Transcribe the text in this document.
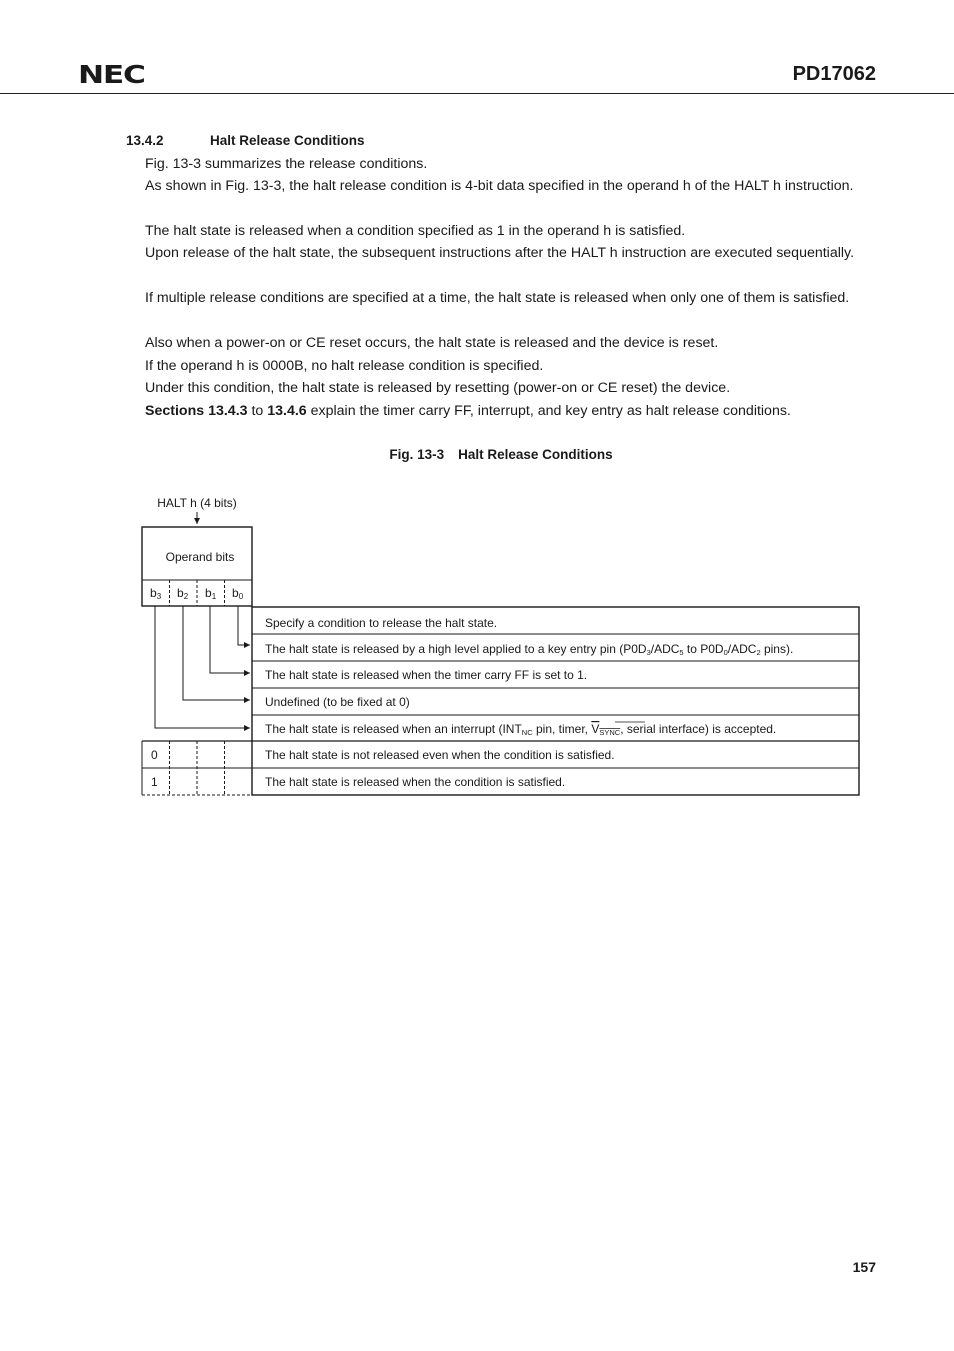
NEC	PD17062
13.4.2	Halt Release Conditions

Fig. 13-3 summarizes the release conditions.

As shown in Fig. 13-3, the halt release condition is 4-bit data specified in the operand h of the HALT h instruction.

The halt state is released when a condition specified as 1 in the operand h is satisfied.

Upon release of the halt state, the subsequent instructions after the HALT h instruction are executed sequentially.

If multiple release conditions are specified at a time, the halt state is released when only one of them is satisfied.

Also when a power-on or CE reset occurs, the halt state is released and the device is reset.

If the operand h is 0000B, no halt release condition is specified.

Under this condition, the halt state is released by resetting (power-on or CE reset) the device.

Sections 13.4.3 to 13.4.6 explain the timer carry FF, interrupt, and key entry as halt release conditions.

Fig. 13-3 Halt Release Conditions
HALT h (4 bits)
Operand bits
b3 b2 b1 b0
0
1
Specify a condition to release the halt state.
The halt state is released by a high level applied to a key entry pin (P0D3/ADC5 to P0D0/ADC2 pins).
The halt state is released when the timer carry FF is set to 1.
Undefined (to be fixed at 0)
The halt state is released when an interrupt (INTNC pin, timer, VSYNC, serial interface) is accepted.
The halt state is not released even when the condition is satisfied.
The halt state is released when the condition is satisfied.
157
